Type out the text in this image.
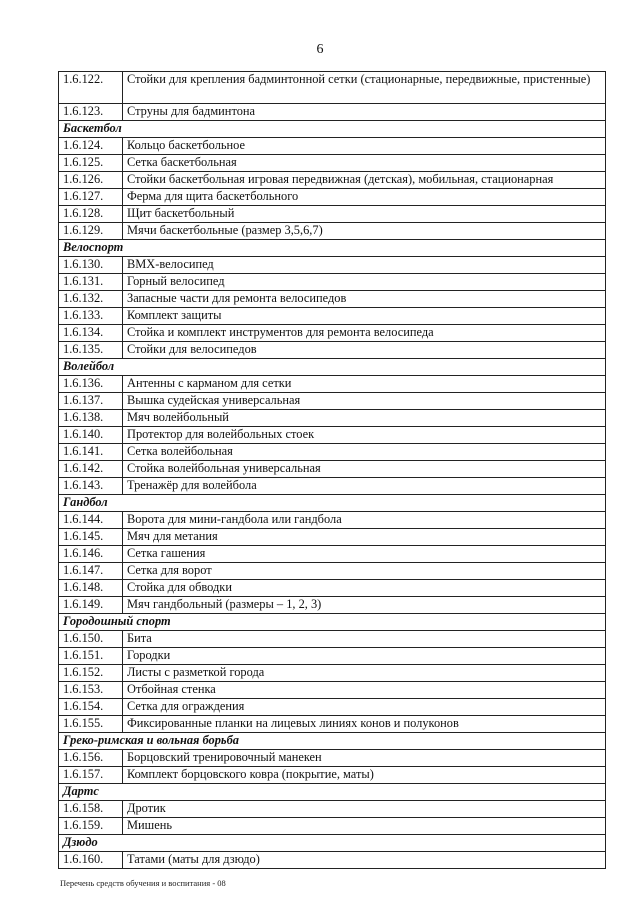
6
1.6.122.	Стойки для крепления бадминтонной сетки (стационарные, передвижные, пристенные)
1.6.123.	Струны для бадминтона
Баскетбол	
1.6.124.	Кольцо баскетбольное
1.6.125.	Сетка баскетбольная
1.6.126.	Стойки баскетбольная игровая передвижная (детская), мобильная, стационарная
1.6.127.	Ферма для щита баскетбольного
1.6.128.	Щит баскетбольный
1.6.129.	Мячи баскетбольные (размер 3,5,6,7)
Велоспорт	
1.6.130.	BMX-велосипед
1.6.131.	Горный велосипед
1.6.132.	Запасные части для ремонта велосипедов
1.6.133.	Комплект защиты
1.6.134.	Стойка и комплект инструментов для ремонта велосипеда
1.6.135.	Стойки для велосипедов
Волейбол	
1.6.136.	Антенны с карманом для сетки
1.6.137.	Вышка судейская универсальная
1.6.138.	Мяч волейбольный
1.6.140.	Протектор для волейбольных стоек
1.6.141.	Сетка волейбольная
1.6.142.	Стойка волейбольная универсальная
1.6.143.	Тренажёр для волейбола
Гандбол	
1.6.144.	Ворота для мини-гандбола или гандбола
1.6.145.	Мяч для метания
1.6.146.	Сетка гашения
1.6.147.	Сетка для ворот
1.6.148.	Стойка для обводки
1.6.149.	Мяч гандбольный (размеры – 1, 2, 3)
Городошный спорт	
1.6.150.	Бита
1.6.151.	Городки
1.6.152.	Листы с разметкой города
1.6.153.	Отбойная стенка
1.6.154.	Сетка для ограждения
1.6.155.	Фиксированные планки на лицевых линиях конов и полуконов
Греко-римская и вольная борьба	
1.6.156.	Борцовский тренировочный манекен
1.6.157.	Комплект борцовского ковра (покрытие, маты)
Дартс	
1.6.158.	Дротик
1.6.159.	Мишень
Дзюдо	
1.6.160.	Татами (маты для дзюдо)
Перечень средств обучения и воспитания - 08
